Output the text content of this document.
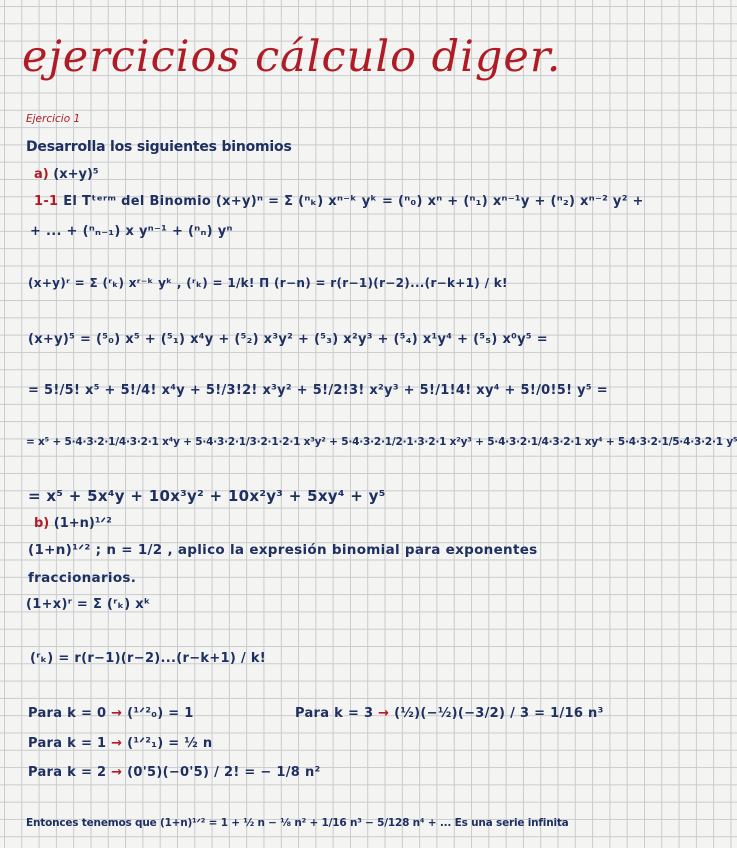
ejercicios cálculo diger.
Ejercicio 1
Desarrolla los siguientes binomios
a) (x+y)⁵
1-1 El Tᵗᵉʳᵐ del Binomio (x+y)ⁿ = Σ (ⁿₖ) xⁿ⁻ᵏ yᵏ = (ⁿ₀) xⁿ + (ⁿ₁) xⁿ⁻¹y + (ⁿ₂) xⁿ⁻² y² +
+ ... + (ⁿₙ₋₁) x yⁿ⁻¹ + (ⁿₙ) yⁿ
(x+y)ʳ = Σ (ʳₖ) xʳ⁻ᵏ yᵏ , (ʳₖ) = 1/k! Π (r−n) = r(r−1)(r−2)...(r−k+1) / k!
(x+y)⁵ = (⁵₀) x⁵ + (⁵₁) x⁴y + (⁵₂) x³y² + (⁵₃) x²y³ + (⁵₄) x¹y⁴ + (⁵₅) x⁰y⁵ =
= 5!/5! x⁵ + 5!/4! x⁴y + 5!/3!2! x³y² + 5!/2!3! x²y³ + 5!/1!4! xy⁴ + 5!/0!5! y⁵ =
= x⁵ + 5·4·3·2·1/4·3·2·1 x⁴y + 5·4·3·2·1/3·2·1·2·1 x³y² + 5·4·3·2·1/2·1·3·2·1 x²y³ + 5·4·3·2·1/4·3·2·1 xy⁴ + 5·4·3·2·1/5·4·3·2·1 y⁵
= x⁵ + 5x⁴y + 10x³y² + 10x²y³ + 5xy⁴ + y⁵
b) (1+n)¹ᐟ²
(1+n)¹ᐟ² ; n = 1/2 , aplico la expresión binomial para exponentes
fraccionarios.
(1+x)ʳ = Σ (ʳₖ) xᵏ
(ʳₖ) = r(r−1)(r−2)...(r−k+1) / k!
Para k = 0 → (¹ᐟ²₀) = 1	Para k = 3 → (½)(−½)(−3/2) / 3 = 1/16 n³
Para k = 1 → (¹ᐟ²₁) = ½ n
Para k = 2 → (0'5)(−0'5) / 2! = − 1/8 n²
Entonces tenemos que (1+n)¹ᐟ² = 1 + ½ n − ⅛ n² + 1/16 n³ − 5/128 n⁴ + ... Es una serie infinita
